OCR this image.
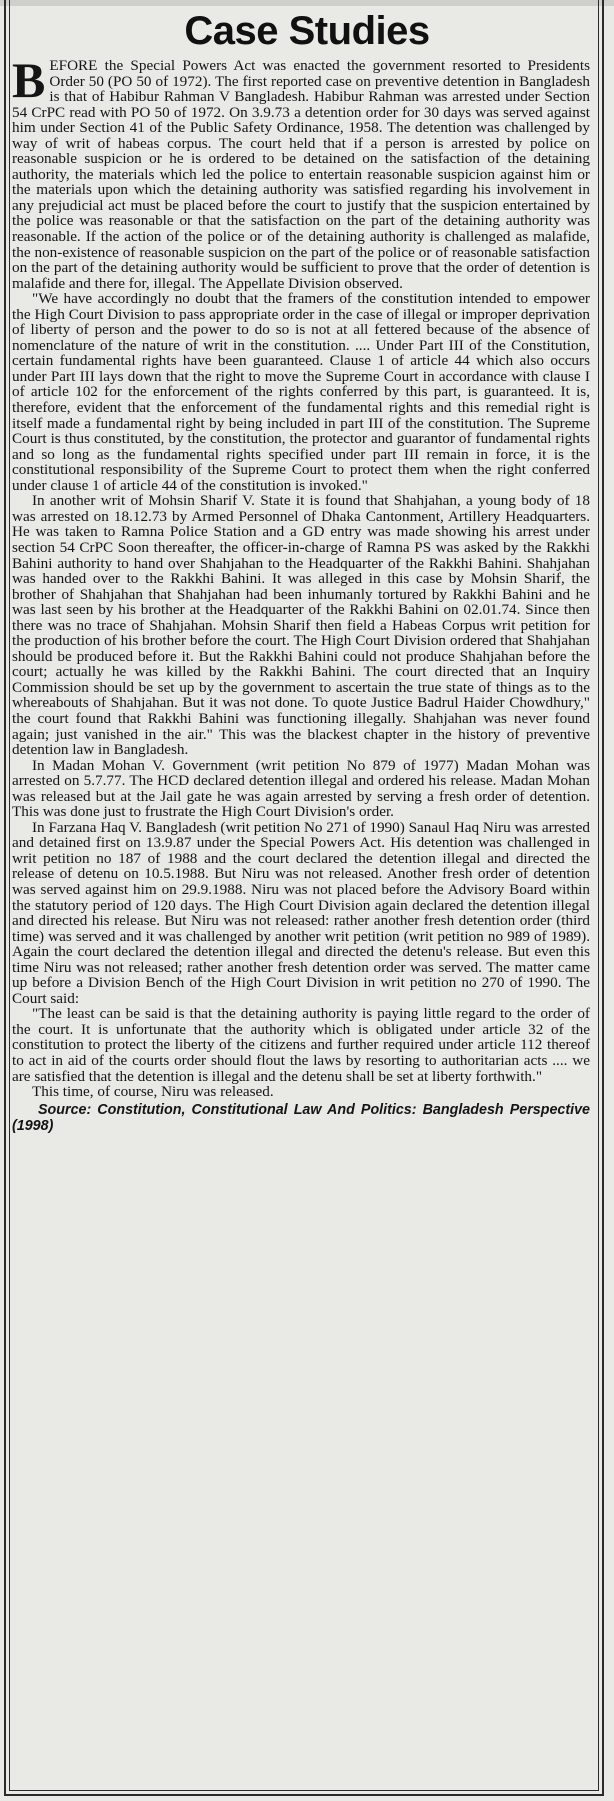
Case Studies

BEFORE the Special Powers Act was enacted the government resorted to Presidents Order 50 (PO 50 of 1972). The first reported case on preventive detention in Bangladesh is that of Habibur Rahman V Bangladesh. Habibur Rahman was arrested under Section 54 CrPC read with PO 50 of 1972. On 3.9.73 a detention order for 30 days was served against him under Section 41 of the Public Safety Ordinance, 1958. The detention was challenged by way of writ of habeas corpus. The court held that if a person is arrested by police on reasonable suspicion or he is ordered to be detained on the satisfaction of the detaining authority, the materials which led the police to entertain reasonable suspicion against him or the materials upon which the detaining authority was satisfied regarding his involvement in any prejudicial act must be placed before the court to justify that the suspicion entertained by the police was reasonable or that the satisfaction on the part of the detaining authority was reasonable. If the action of the police or of the detaining authority is challenged as malafide, the non-existence of reasonable suspicion on the part of the police or of reasonable satisfaction on the part of the detaining authority would be sufficient to prove that the order of detention is malafide and there for, illegal. The Appellate Division observed.

"We have accordingly no doubt that the framers of the constitution intended to empower the High Court Division to pass appropriate order in the case of illegal or improper deprivation of liberty of person and the power to do so is not at all fettered because of the absence of nomenclature of the nature of writ in the constitution. .... Under Part III of the Constitution, certain fundamental rights have been guaranteed. Clause 1 of article 44 which also occurs under Part III lays down that the right to move the Supreme Court in accordance with clause I of article 102 for the enforcement of the rights conferred by this part, is guaranteed. It is, therefore, evident that the enforcement of the fundamental rights and this remedial right is itself made a fundamental right by being included in part III of the constitution. The Supreme Court is thus constituted, by the constitution, the protector and guarantor of fundamental rights and so long as the fundamental rights specified under part III remain in force, it is the constitutional responsibility of the Supreme Court to protect them when the right conferred under clause 1 of article 44 of the constitution is invoked."

In another writ of Mohsin Sharif V. State it is found that Shahjahan, a young body of 18 was arrested on 18.12.73 by Armed Personnel of Dhaka Cantonment, Artillery Headquarters. He was taken to Ramna Police Station and a GD entry was made showing his arrest under section 54 CrPC Soon thereafter, the officer-in-charge of Ramna PS was asked by the Rakkhi Bahini authority to hand over Shahjahan to the Headquarter of the Rakkhi Bahini. Shahjahan was handed over to the Rakkhi Bahini. It was alleged in this case by Mohsin Sharif, the brother of Shahjahan that Shahjahan had been inhumanly tortured by Rakkhi Bahini and he was last seen by his brother at the Headquarter of the Rakkhi Bahini on 02.01.74. Since then there was no trace of Shahjahan. Mohsin Sharif then field a Habeas Corpus writ petition for the production of his brother before the court. The High Court Division ordered that Shahjahan should be produced before it. But the Rakkhi Bahini could not produce Shahjahan before the court; actually he was killed by the Rakkhi Bahini. The court directed that an Inquiry Commission should be set up by the government to ascertain the true state of things as to the whereabouts of Shahjahan. But it was not done. To quote Justice Badrul Haider Chowdhury," the court found that Rakkhi Bahini was functioning illegally. Shahjahan was never found again; just vanished in the air." This was the blackest chapter in the history of preventive detention law in Bangladesh.

In Madan Mohan V. Government (writ petition No 879 of 1977) Madan Mohan was arrested on 5.7.77. The HCD declared detention illegal and ordered his release. Madan Mohan was released but at the Jail gate he was again arrested by serving a fresh order of detention. This was done just to frustrate the High Court Division's order.

In Farzana Haq V. Bangladesh (writ petition No 271 of 1990) Sanaul Haq Niru was arrested and detained first on 13.9.87 under the Special Powers Act. His detention was challenged in writ petition no 187 of 1988 and the court declared the detention illegal and directed the release of detenu on 10.5.1988. But Niru was not released. Another fresh order of detention was served against him on 29.9.1988. Niru was not placed before the Advisory Board within the statutory period of 120 days. The High Court Division again declared the detention illegal and directed his release. But Niru was not released: rather another fresh detention order (third time) was served and it was challenged by another writ petition (writ petition no 989 of 1989). Again the court declared the detention illegal and directed the detenu's release. But even this time Niru was not released; rather another fresh detention order was served. The matter came up before a Division Bench of the High Court Division in writ petition no 270 of 1990. The Court said:

"The least can be said is that the detaining authority is paying little regard to the order of the court. It is unfortunate that the authority which is obligated under article 32 of the constitution to protect the liberty of the citizens and further required under article 112 thereof to act in aid of the courts order should flout the laws by resorting to authoritarian acts .... we are satisfied that the detention is illegal and the detenu shall be set at liberty forthwith."

This time, of course, Niru was released.

Source: Constitution, Constitutional Law And Politics: Bangladesh Perspective (1998)
